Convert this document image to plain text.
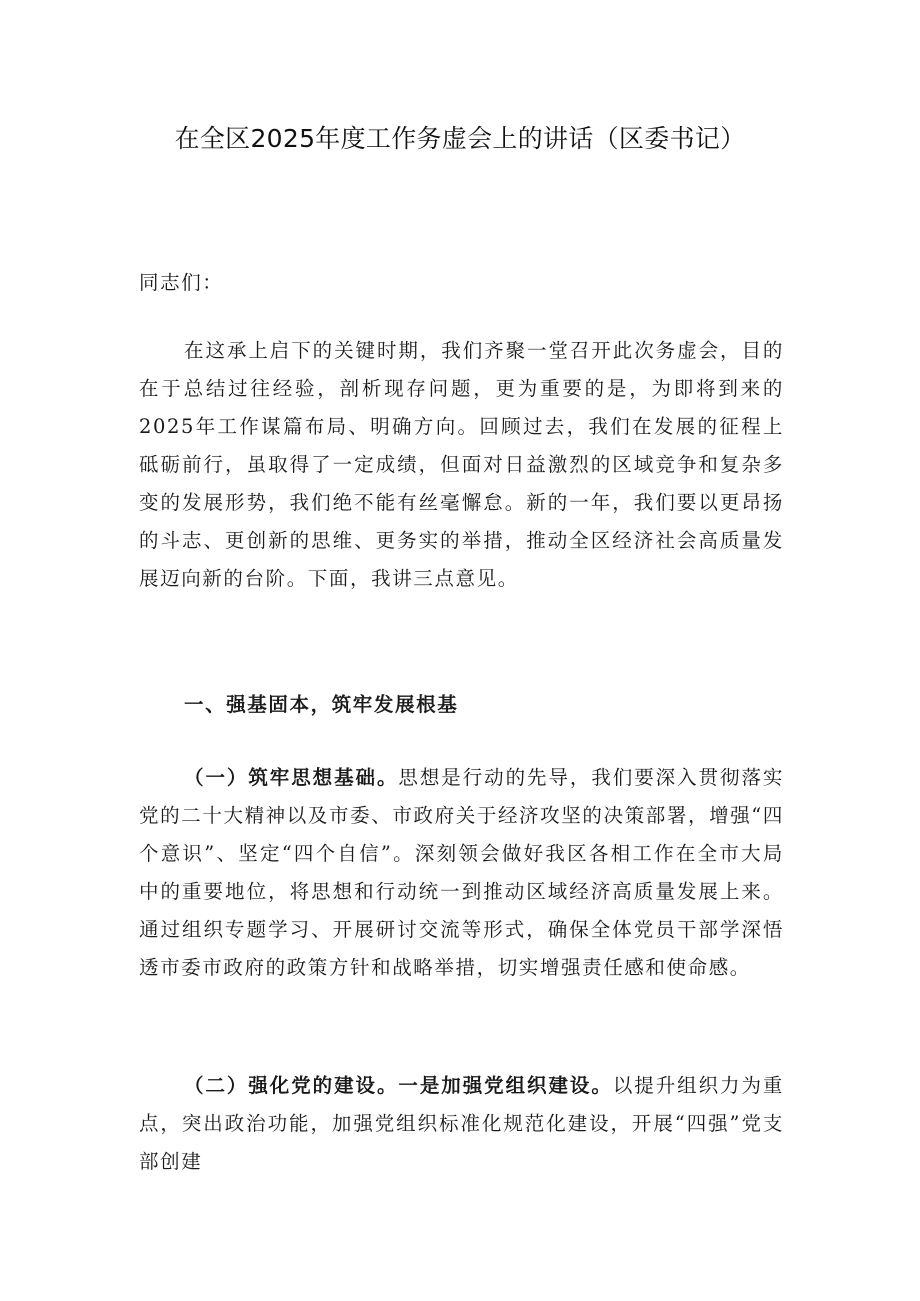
在全区2025年度工作务虚会上的讲话（区委书记）

同志们：

在这承上启下的关键时期，我们齐聚一堂召开此次务虚会，目的在于总结过往经验，剖析现存问题，更为重要的是，为即将到来的2025年工作谋篇布局、明确方向。回顾过去，我们在发展的征程上砥砺前行，虽取得了一定成绩，但面对日益激烈的区域竞争和复杂多变的发展形势，我们绝不能有丝毫懈怠。新的一年，我们要以更昂扬的斗志、更创新的思维、更务实的举措，推动全区经济社会高质量发展迈向新的台阶。下面，我讲三点意见。

一、强基固本，筑牢发展根基

（一）筑牢思想基础。思想是行动的先导，我们要深入贯彻落实党的二十大精神以及市委、市政府关于经济攻坚的决策部署，增强“四个意识”、坚定“四个自信”。深刻领会做好我区各相工作在全市大局中的重要地位，将思想和行动统一到推动区域经济高质量发展上来。通过组织专题学习、开展研讨交流等形式，确保全体党员干部学深悟透市委市政府的政策方针和战略举措，切实增强责任感和使命感。

（二）强化党的建设。一是加强党组织建设。以提升组织力为重点，突出政治功能，加强党组织标准化规范化建设，开展“四强”党支部创建
